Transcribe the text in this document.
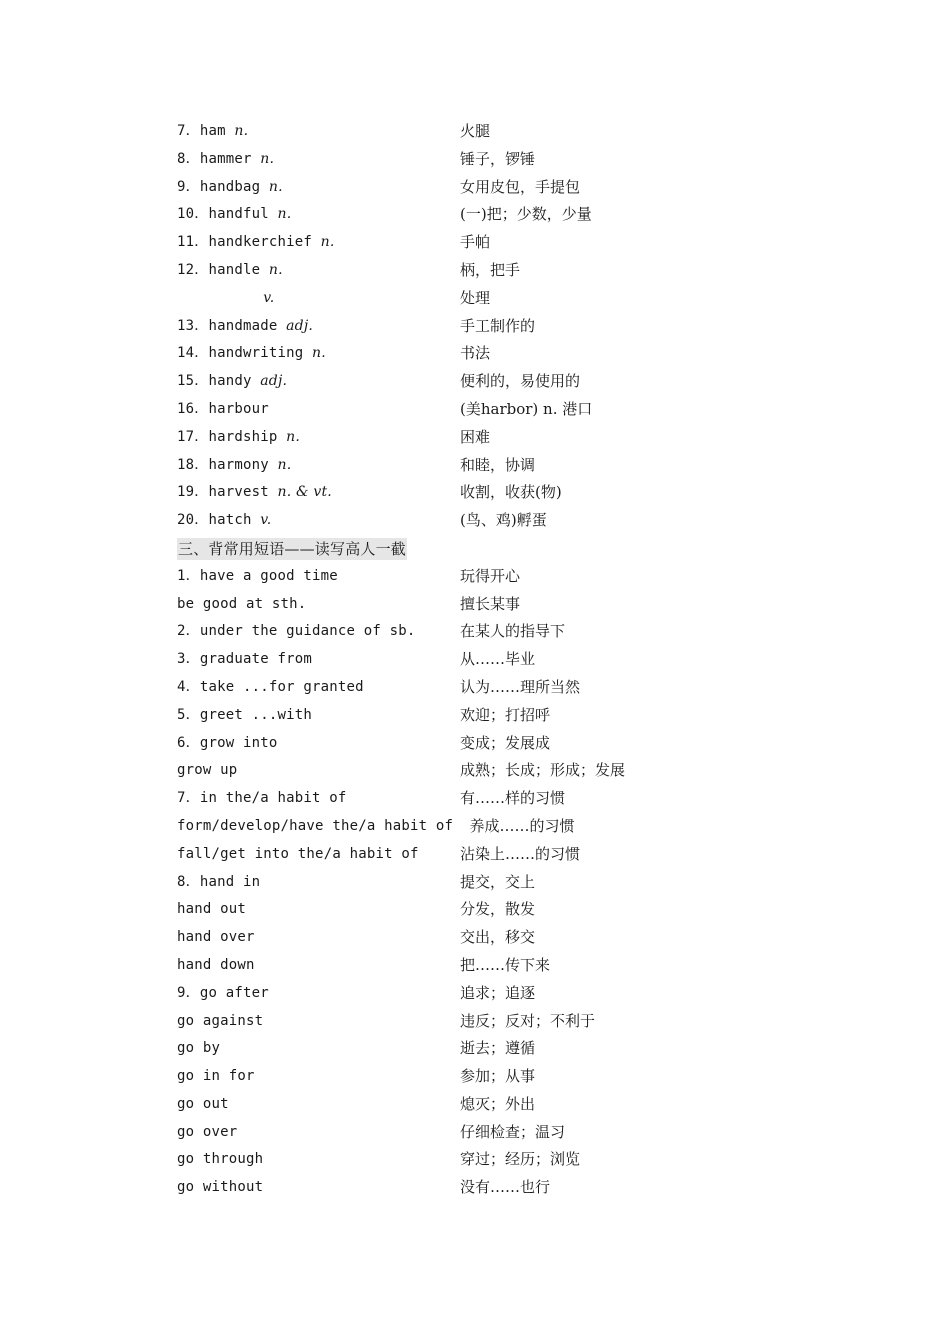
7．ham n.	火腿
8．hammer n.	锤子，锣锤
9．handbag n.	女用皮包，手提包
10．handful n.	(一)把；少数，少量
11．handkerchief n.	手帕
12．handle n.	柄，把手
v.	处理
13．handmade adj.	手工制作的
14．handwriting n.	书法
15．handy adj.	便利的，易使用的
16．harbour	(美harbor) n. 港口
17．hardship n.	困难
18．harmony n.	和睦，协调
19．harvest n. & vt.	收割，收获(物)
20．hatch v.	(鸟、鸡)孵蛋
三、背常用短语——读写高人一截
1．have a good time	玩得开心
be good at sth.	擅长某事
2．under the guidance of sb.	在某人的指导下
3．graduate from	从……毕业
4．take ...for granted	认为……理所当然
5．greet ...with	欢迎；打招呼
6．grow into	变成；发展成
grow up	成熟；长成；形成；发展
7．in the/a habit of	有……样的习惯
form/develop/have the/a habit of 养成……的习惯
fall/get into the/a habit of	沾染上……的习惯
8．hand in	提交，交上
hand out	分发，散发
hand over	交出，移交
hand down	把……传下来
9．go after	追求；追逐
go against	违反；反对；不利于
go by	逝去；遵循
go in for	参加；从事
go out	熄灭；外出
go over	仔细检查；温习
go through	穿过；经历；浏览
go without	没有……也行
